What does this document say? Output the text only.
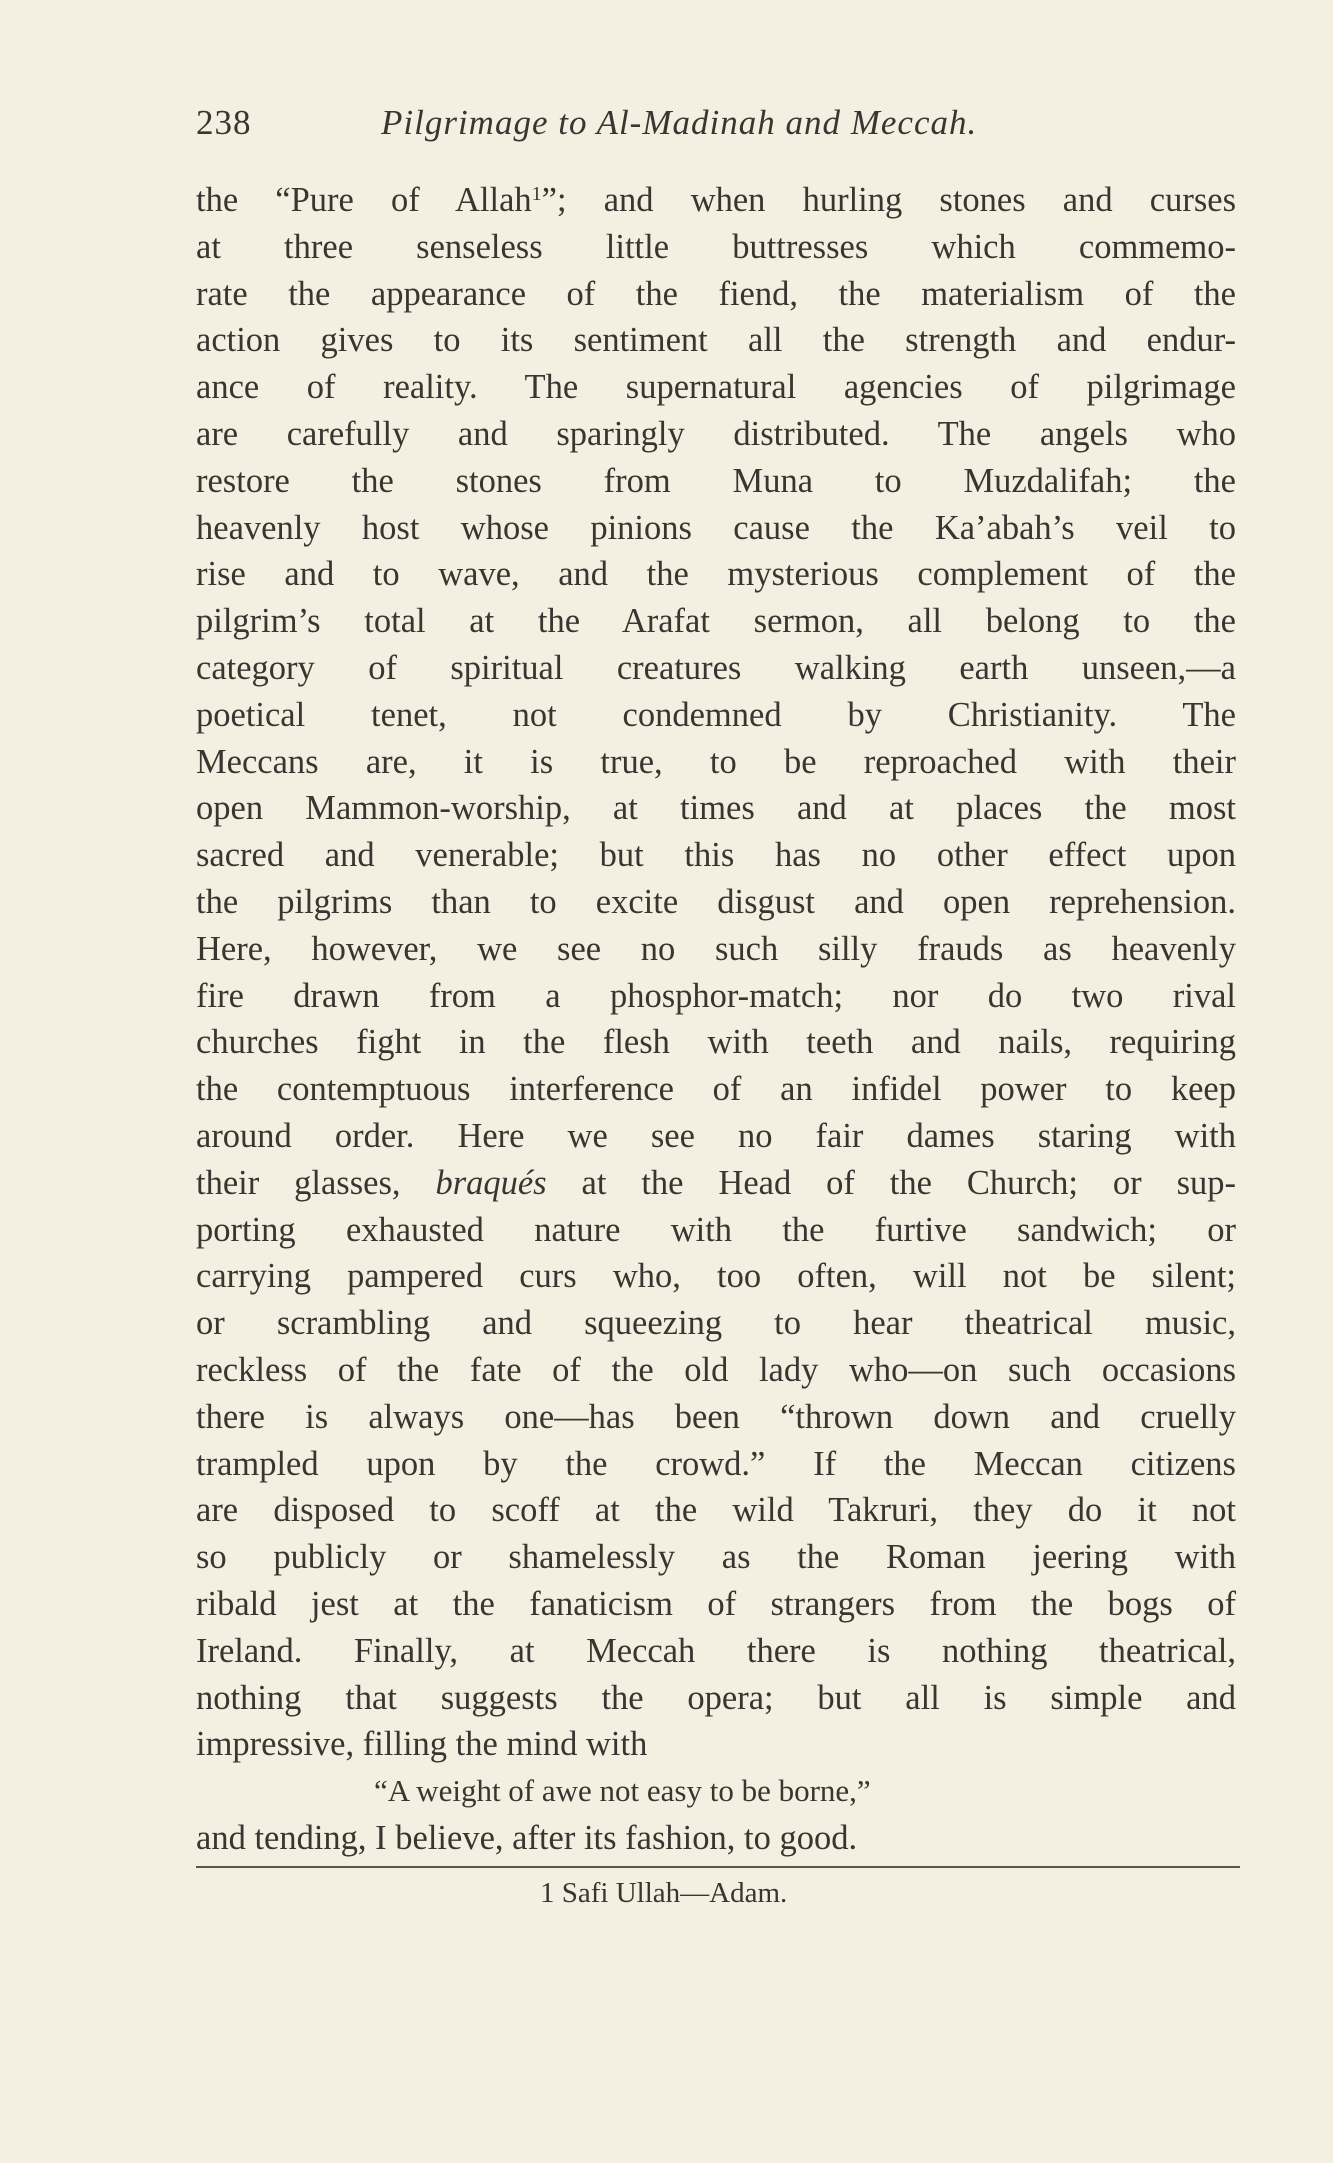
238	Pilgrimage to Al-Madinah and Meccah.
the “Pure of Allah$^1$”; and when hurling stones and curses
at three senseless little buttresses which commemo-
rate the appearance of the fiend, the materialism of the
action gives to its sentiment all the strength and endur-
ance of reality. The supernatural agencies of pilgrimage
are carefully and sparingly distributed. The angels who
restore the stones from Muna to Muzdalifah; the
heavenly host whose pinions cause the Ka’abah’s veil to
rise and to wave, and the mysterious complement of the
pilgrim’s total at the Arafat sermon, all belong to the
category of spiritual creatures walking earth unseen,—a
poetical tenet, not condemned by Christianity. The
Meccans are, it is true, to be reproached with their
open Mammon-worship, at times and at places the most
sacred and venerable; but this has no other effect upon
the pilgrims than to excite disgust and open reprehension.
Here, however, we see no such silly frauds as heavenly
fire drawn from a phosphor-match; nor do two rival
churches fight in the flesh with teeth and nails, requiring
the contemptuous interference of an infidel power to keep
around order. Here we see no fair dames staring with
their glasses, braqués at the Head of the Church; or sup-
porting exhausted nature with the furtive sandwich; or
carrying pampered curs who, too often, will not be silent;
or scrambling and squeezing to hear theatrical music,
reckless of the fate of the old lady who—on such occasions
there is always one—has been “thrown down and cruelly
trampled upon by the crowd.” If the Meccan citizens
are disposed to scoff at the wild Takruri, they do it not
so publicly or shamelessly as the Roman jeering with
ribald jest at the fanaticism of strangers from the bogs of
Ireland. Finally, at Meccah there is nothing theatrical,
nothing that suggests the opera; but all is simple and
impressive, filling the mind with
“A weight of awe not easy to be borne,”
and tending, I believe, after its fashion, to good.
1 Safi Ullah—Adam.
